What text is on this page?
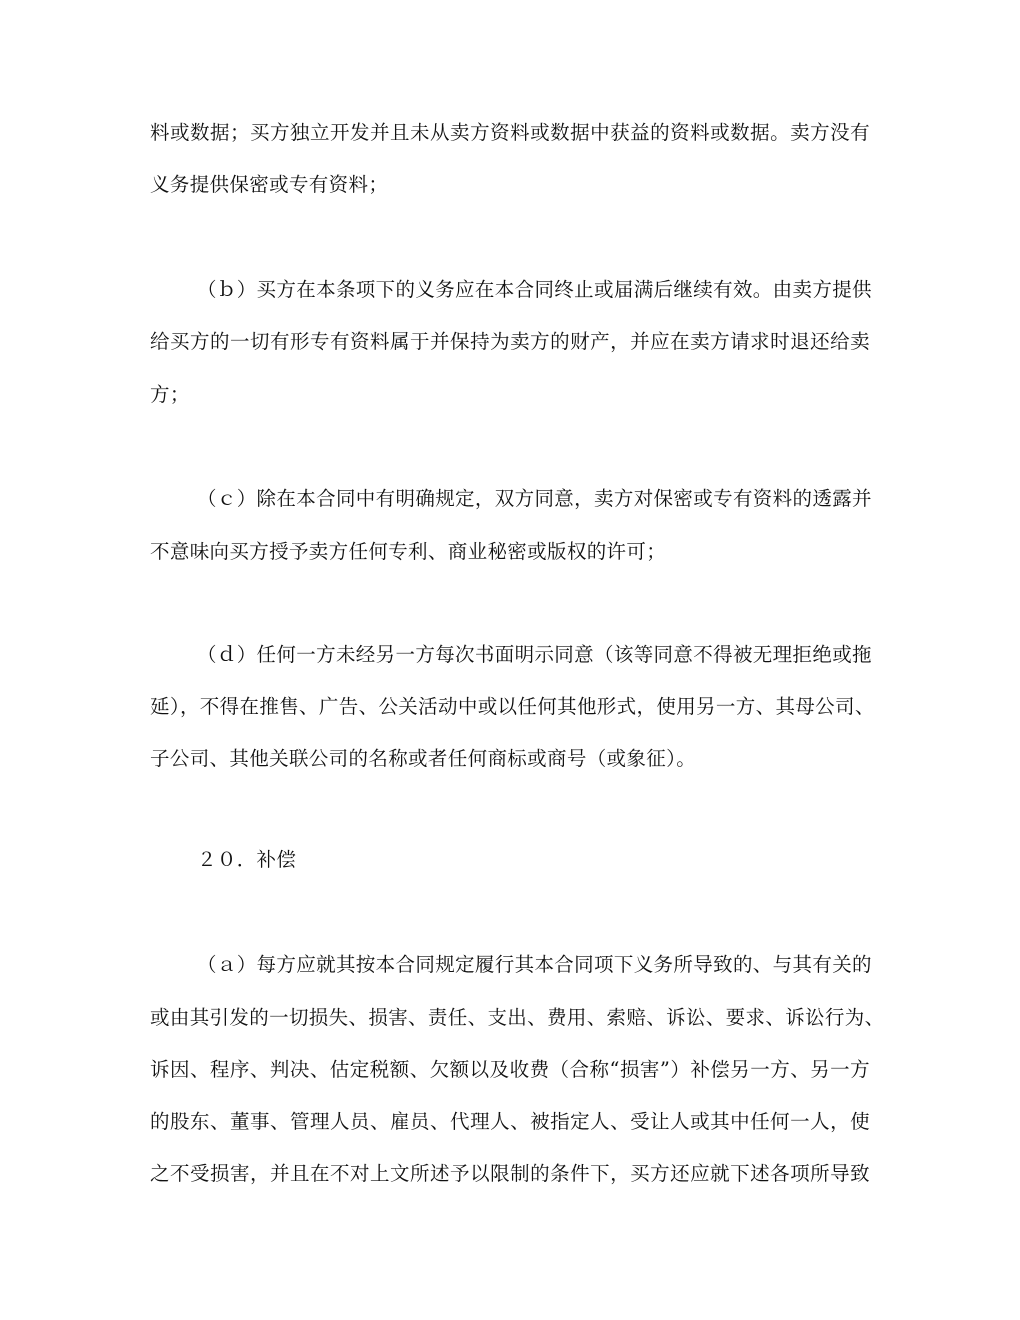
料或数据；买方独立开发并且未从卖方资料或数据中获益的资料或数据。卖方没有
义务提供保密或专有资料；
（ｂ）买方在本条项下的义务应在本合同终止或届满后继续有效。由卖方提供
给买方的一切有形专有资料属于并保持为卖方的财产，并应在卖方请求时退还给卖
方；
（ｃ）除在本合同中有明确规定，双方同意，卖方对保密或专有资料的透露并
不意味向买方授予卖方任何专利、商业秘密或版权的许可；
（ｄ）任何一方未经另一方每次书面明示同意（该等同意不得被无理拒绝或拖
延），不得在推售、广告、公关活动中或以任何其他形式，使用另一方、其母公司、
子公司、其他关联公司的名称或者任何商标或商号（或象征）。
２０．补偿
（ａ）每方应就其按本合同规定履行其本合同项下义务所导致的、与其有关的
或由其引发的一切损失、损害、责任、支出、费用、索赔、诉讼、要求、诉讼行为、
诉因、程序、判决、估定税额、欠额以及收费（合称“损害”）补偿另一方、另一方
的股东、董事、管理人员、雇员、代理人、被指定人、受让人或其中任何一人，使
之不受损害，并且在不对上文所述予以限制的条件下，买方还应就下述各项所导致
